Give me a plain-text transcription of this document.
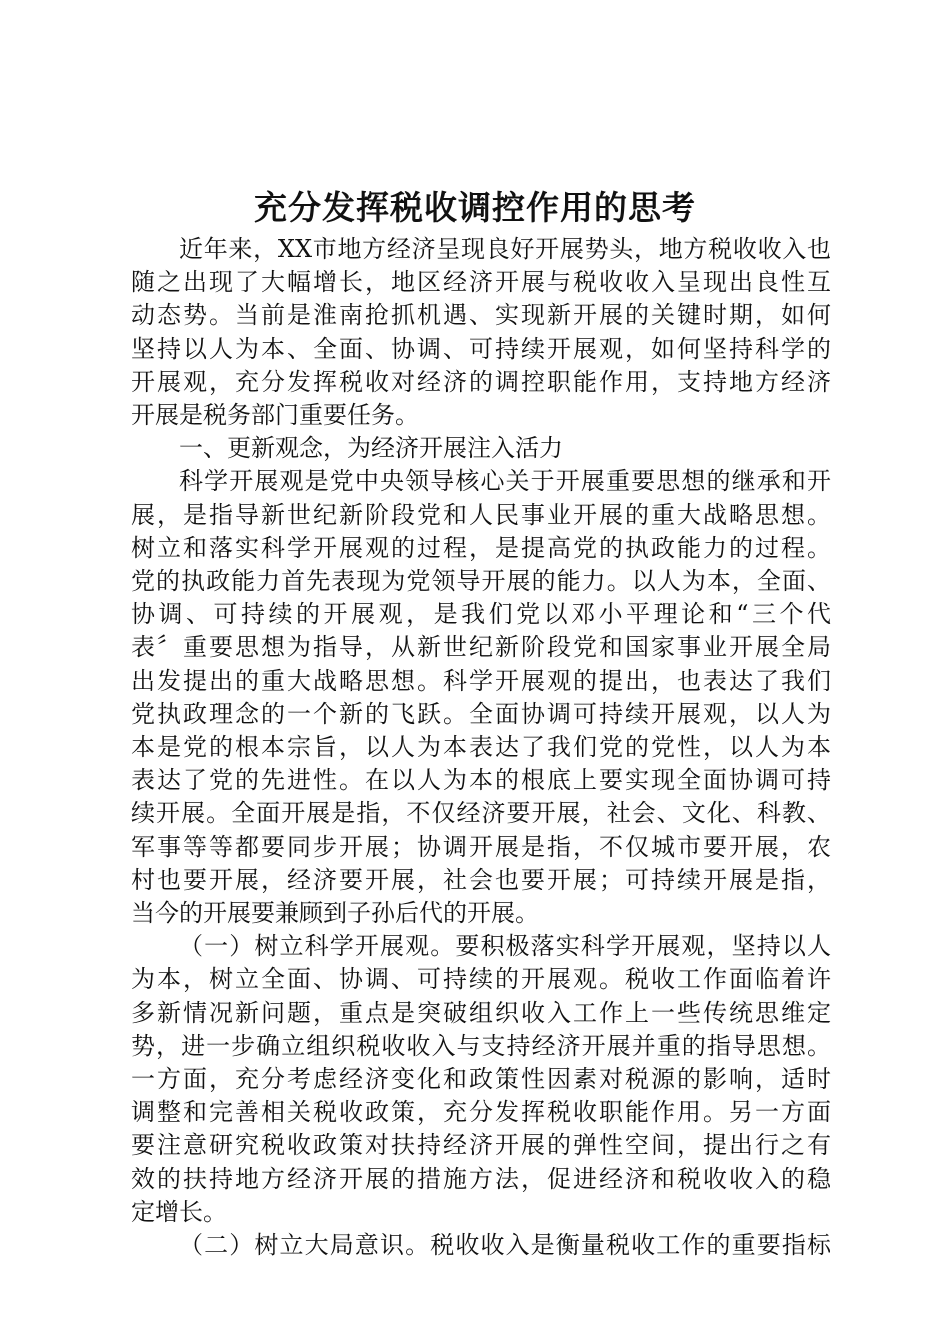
充分发挥税收调控作用的思考
近年来，XX市地方经济呈现良好开展势头，地方税收收入也
随之出现了大幅增长，地区经济开展与税收收入呈现出良性互
动态势。当前是淮南抢抓机遇、实现新开展的关键时期，如何
坚持以人为本、全面、协调、可持续开展观，如何坚持科学的
开展观，充分发挥税收对经济的调控职能作用，支持地方经济
开展是税务部门重要任务。
一、更新观念，为经济开展注入活力
科学开展观是党中央领导核心关于开展重要思想的继承和开
展，是指导新世纪新阶段党和人民事业开展的重大战略思想。
树立和落实科学开展观的过程，是提高党的执政能力的过程。
党的执政能力首先表现为党领导开展的能力。以人为本，全面、
协调、可持续的开展观，是我们党以邓小平理论和“三个代
表〞重要思想为指导，从新世纪新阶段党和国家事业开展全局
出发提出的重大战略思想。科学开展观的提出，也表达了我们
党执政理念的一个新的飞跃。全面协调可持续开展观，以人为
本是党的根本宗旨，以人为本表达了我们党的党性，以人为本
表达了党的先进性。在以人为本的根底上要实现全面协调可持
续开展。全面开展是指，不仅经济要开展，社会、文化、科教、
军事等等都要同步开展；协调开展是指，不仅城市要开展，农
村也要开展，经济要开展，社会也要开展；可持续开展是指，
当今的开展要兼顾到子孙后代的开展。
（一）树立科学开展观。要积极落实科学开展观，坚持以人
为本，树立全面、协调、可持续的开展观。税收工作面临着许
多新情况新问题，重点是突破组织收入工作上一些传统思维定
势，进一步确立组织税收收入与支持经济开展并重的指导思想。
一方面，充分考虑经济变化和政策性因素对税源的影响，适时
调整和完善相关税收政策，充分发挥税收职能作用。另一方面
要注意研究税收政策对扶持经济开展的弹性空间，提出行之有
效的扶持地方经济开展的措施方法，促进经济和税收收入的稳
定增长。
（二）树立大局意识。税收收入是衡量税收工作的重要指标
